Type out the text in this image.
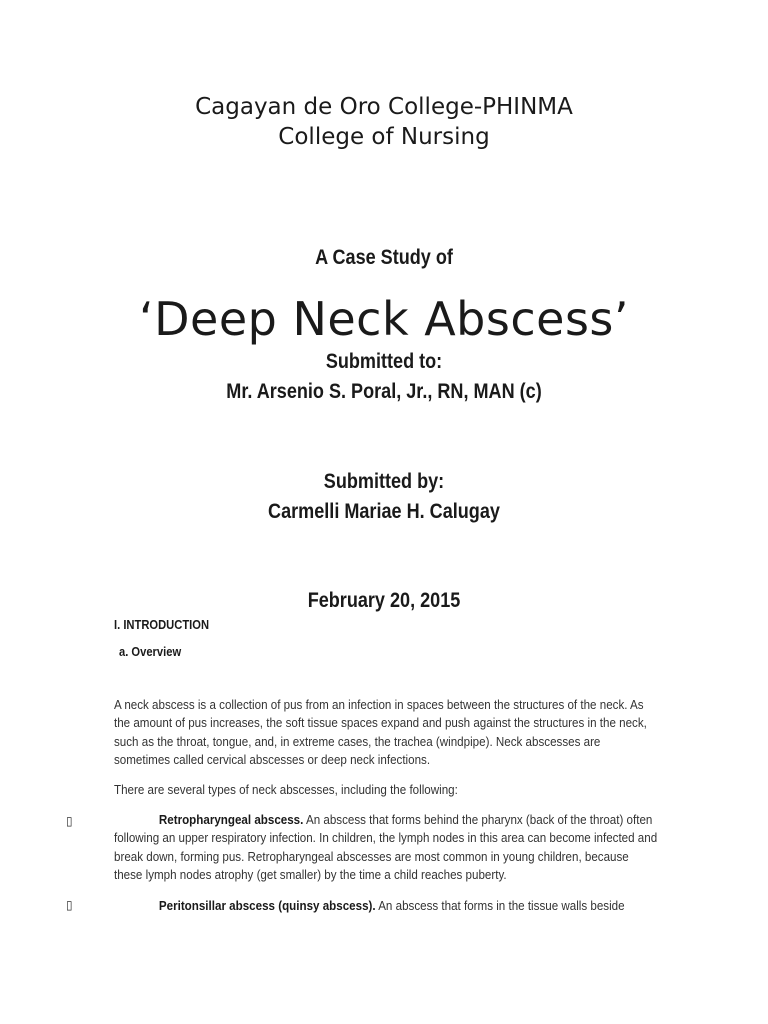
Cagayan de Oro College-PHINMA
College of Nursing
A Case Study of
‘Deep Neck Abscess’
Submitted to:
Mr. Arsenio S. Poral, Jr., RN, MAN (c)
Submitted by:
Carmelli Mariae H. Calugay
February 20, 2015
I. INTRODUCTION
a. Overview
A neck abscess is a collection of pus from an infection in spaces between the structures of the neck. As the amount of pus increases, the soft tissue spaces expand and push against the structures in the neck, such as the throat, tongue, and, in extreme cases, the trachea (windpipe). Neck abscesses are sometimes called cervical abscesses or deep neck infections.
There are several types of neck abscesses, including the following:
▯	Retropharyngeal abscess. An abscess that forms behind the pharynx (back of the throat) often following an upper respiratory infection. In children, the lymph nodes in this area can become infected and break down, forming pus. Retropharyngeal abscesses are most common in young children, because these lymph nodes atrophy (get smaller) by the time a child reaches puberty.
▯	Peritonsillar abscess (quinsy abscess). An abscess that forms in the tissue walls beside
